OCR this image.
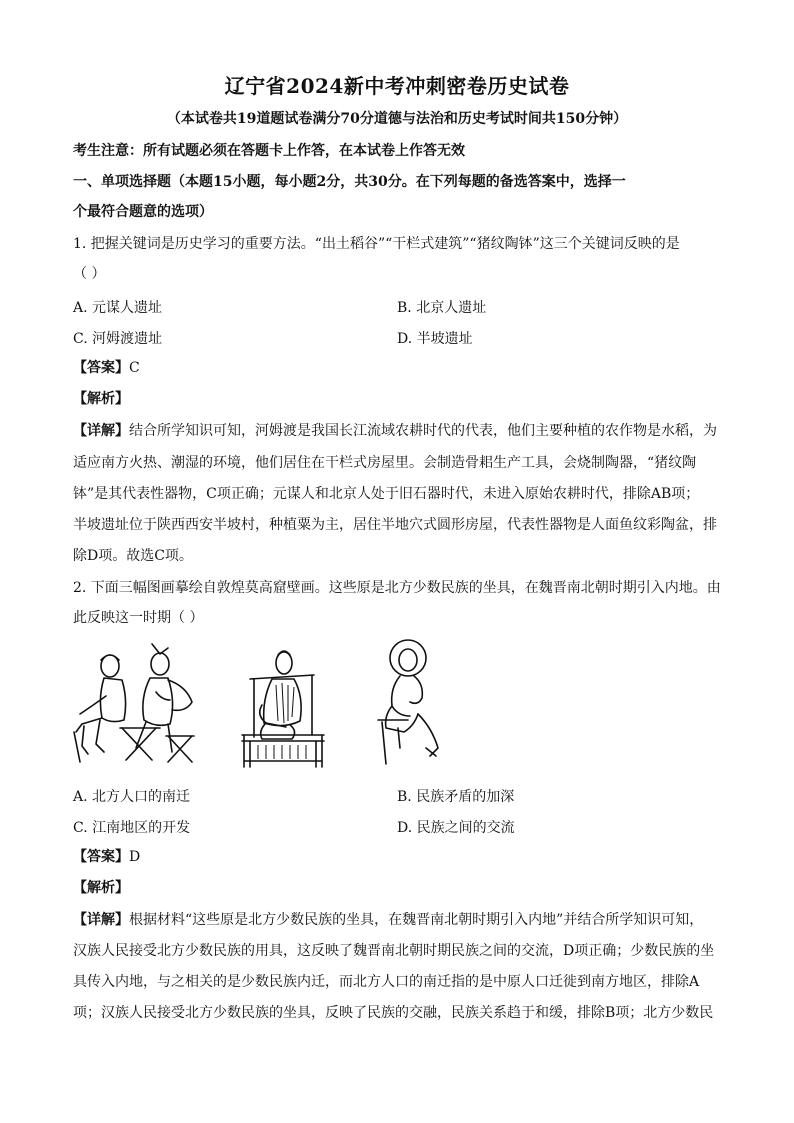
辽宁省2024新中考冲刺密卷历史试卷
（本试卷共19道题试卷满分70分道德与法治和历史考试时间共150分钟）
考生注意：所有试题必须在答题卡上作答，在本试卷上作答无效
一、单项选择题（本题15小题，每小题2分，共30分。在下列每题的备选答案中，选择一
个最符合题意的选项）
1. 把握关键词是历史学习的重要方法。“出土稻谷”“干栏式建筑”“猪纹陶钵”这三个关键词反映的是
（ ）
A. 元谋人遗址	B. 北京人遗址
C. 河姆渡遗址	D. 半坡遗址
【答案】C
【解析】
【详解】结合所学知识可知，河姆渡是我国长江流域农耕时代的代表，他们主要种植的农作物是水稻，为
适应南方火热、潮湿的环境，他们居住在干栏式房屋里。会制造骨耜生产工具，会烧制陶器，“猪纹陶
钵”是其代表性器物，C项正确；元谋人和北京人处于旧石器时代，未进入原始农耕时代，排除AB项；
半坡遗址位于陕西西安半坡村，种植粟为主，居住半地穴式圆形房屋，代表性器物是人面鱼纹彩陶盆，排
除D项。故选C项。
2. 下面三幅图画摹绘自敦煌莫高窟壁画。这些原是北方少数民族的坐具，在魏晋南北朝时期引入内地。由
此反映这一时期（ ）
A. 北方人口的南迁	B. 民族矛盾的加深
C. 江南地区的开发	D. 民族之间的交流
【答案】D
【解析】
【详解】根据材料“这些原是北方少数民族的坐具，在魏晋南北朝时期引入内地”并结合所学知识可知，
汉族人民接受北方少数民族的用具，这反映了魏晋南北朝时期民族之间的交流，D项正确；少数民族的坐
具传入内地，与之相关的是少数民族内迁，而北方人口的南迁指的是中原人口迁徙到南方地区，排除A
项；汉族人民接受北方少数民族的坐具，反映了民族的交融，民族关系趋于和缓，排除B项；北方少数民
